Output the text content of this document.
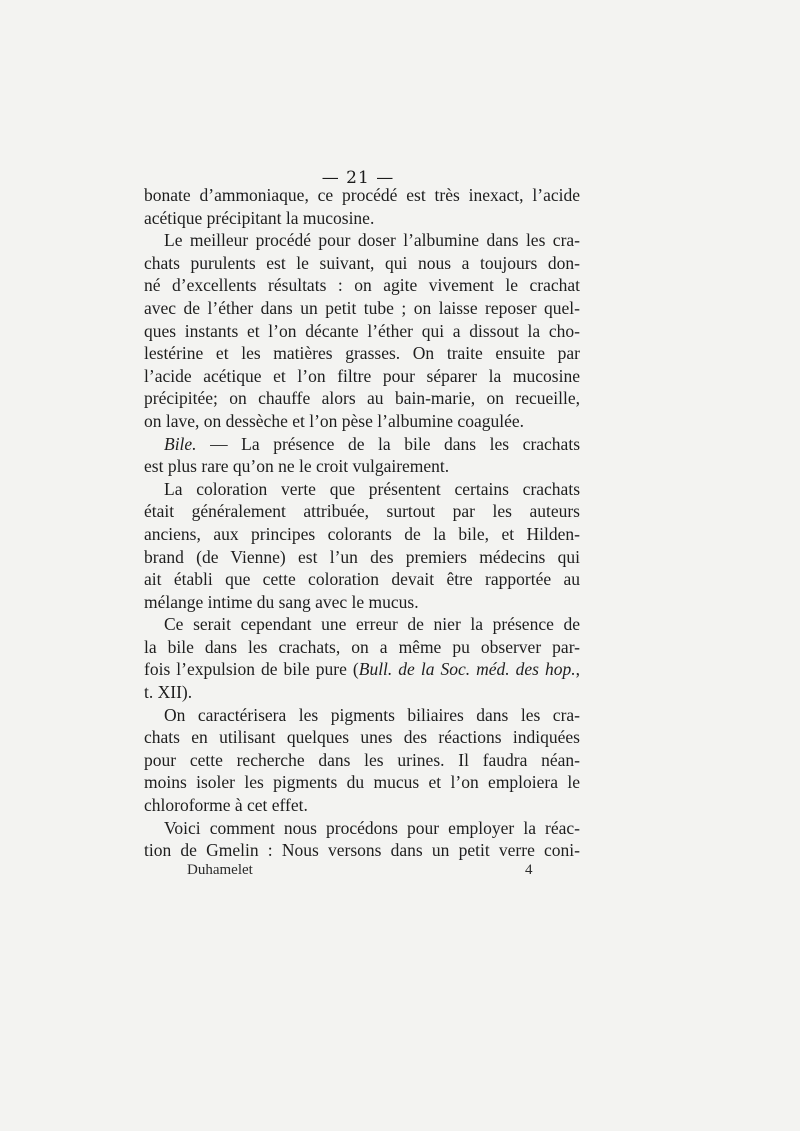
— 21 —
bonate d’ammoniaque, ce procédé est très inexact, l’acide
acétique précipitant la mucosine.
Le meilleur procédé pour doser l’albumine dans les cra-
chats purulents est le suivant, qui nous a toujours don-
né d’excellents résultats : on agite vivement le crachat
avec de l’éther dans un petit tube ; on laisse reposer quel-
ques instants et l’on décante l’éther qui a dissout la cho-
lestérine et les matières grasses. On traite ensuite par
l’acide acétique et l’on filtre pour séparer la mucosine
précipitée; on chauffe alors au bain-marie, on recueille,
on lave, on dessèche et l’on pèse l’albumine coagulée.
Bile. — La présence de la bile dans les crachats
est plus rare qu’on ne le croit vulgairement.
La coloration verte que présentent certains crachats
était généralement attribuée, surtout par les auteurs
anciens, aux principes colorants de la bile, et Hilden-
brand (de Vienne) est l’un des premiers médecins qui
ait établi que cette coloration devait être rapportée au
mélange intime du sang avec le mucus.
Ce serait cependant une erreur de nier la présence de
la bile dans les crachats, on a même pu observer par-
fois l’expulsion de bile pure (Bull. de la Soc. méd. des hop.,
t. XII).
On caractérisera les pigments biliaires dans les cra-
chats en utilisant quelques unes des réactions indiquées
pour cette recherche dans les urines. Il faudra néan-
moins isoler les pigments du mucus et l’on emploiera le
chloroforme à cet effet.
Voici comment nous procédons pour employer la réac-
tion de Gmelin : Nous versons dans un petit verre coni-
Duhamelet	4
